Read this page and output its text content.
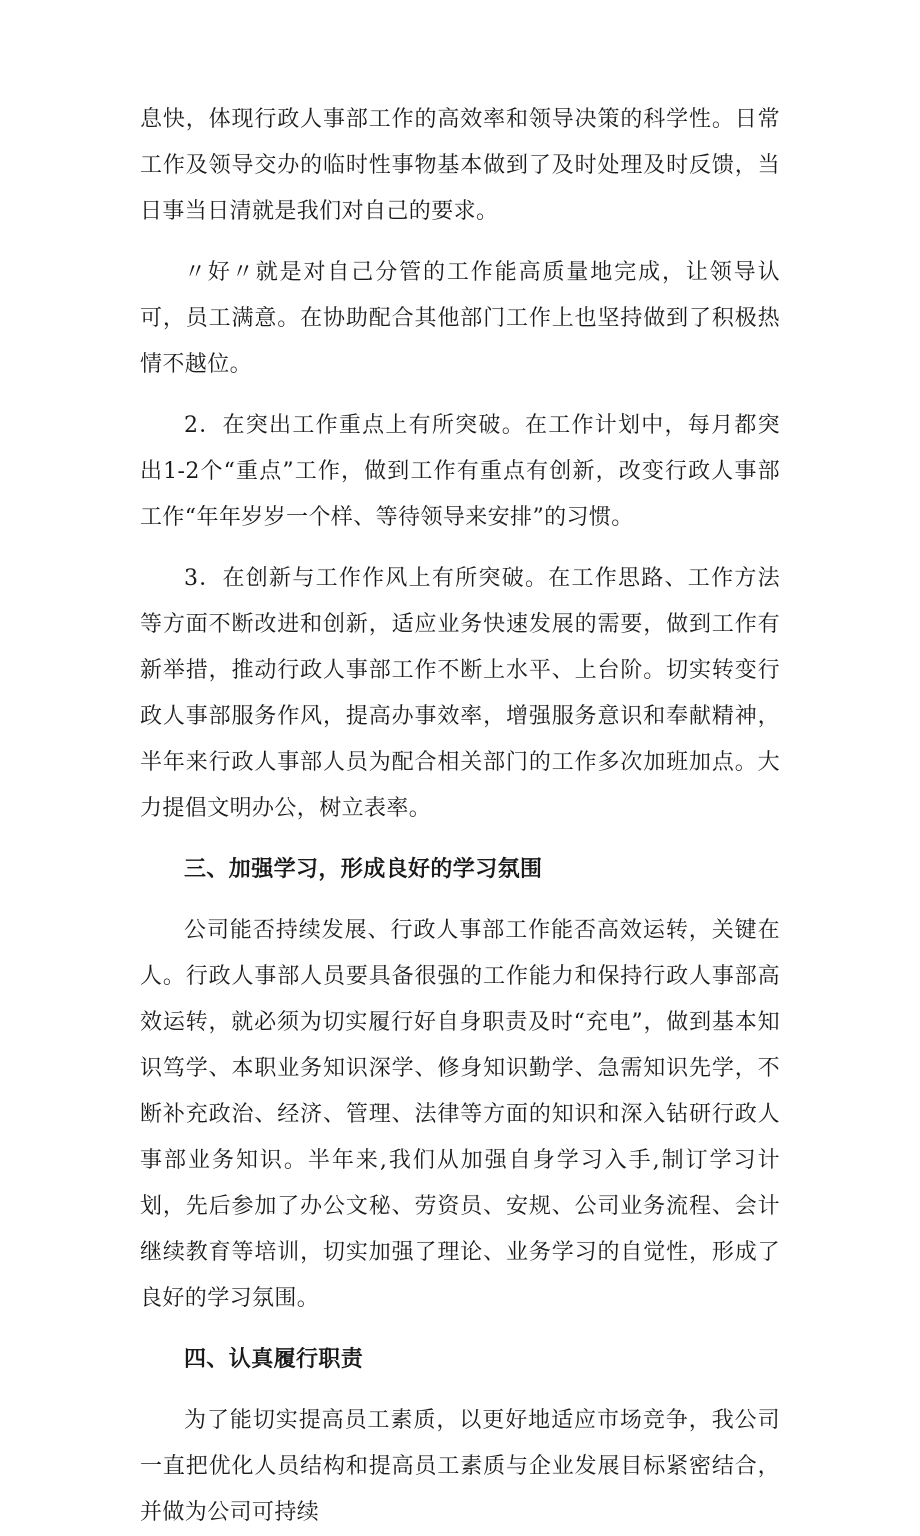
息快，体现行政人事部工作的高效率和领导决策的科学性。日常工作及领导交办的临时性事物基本做到了及时处理及时反馈，当日事当日清就是我们对自己的要求。

〃好〃就是对自己分管的工作能高质量地完成，让领导认可，员工满意。在协助配合其他部门工作上也坚持做到了积极热情不越位。

2．在突出工作重点上有所突破。在工作计划中，每月都突出1-2个“重点”工作，做到工作有重点有创新，改变行政人事部工作“年年岁岁一个样、等待领导来安排”的习惯。

3．在创新与工作作风上有所突破。在工作思路、工作方法等方面不断改进和创新，适应业务快速发展的需要，做到工作有新举措，推动行政人事部工作不断上水平、上台阶。切实转变行政人事部服务作风，提高办事效率，增强服务意识和奉献精神，半年来行政人事部人员为配合相关部门的工作多次加班加点。大力提倡文明办公，树立表率。

三、加强学习，形成良好的学习氛围

公司能否持续发展、行政人事部工作能否高效运转，关键在人。行政人事部人员要具备很强的工作能力和保持行政人事部高效运转，就必须为切实履行好自身职责及时“充电”，做到基本知识笃学、本职业务知识深学、修身知识勤学、急需知识先学，不断补充政治、经济、管理、法律等方面的知识和深入钻研行政人事部业务知识。半年来,我们从加强自身学习入手,制订学习计划，先后参加了办公文秘、劳资员、安规、公司业务流程、会计继续教育等培训，切实加强了理论、业务学习的自觉性，形成了良好的学习氛围。

四、认真履行职责

为了能切实提高员工素质，以更好地适应市场竞争，我公司一直把优化人员结构和提高员工素质与企业发展目标紧密结合，并做为公司可持续
